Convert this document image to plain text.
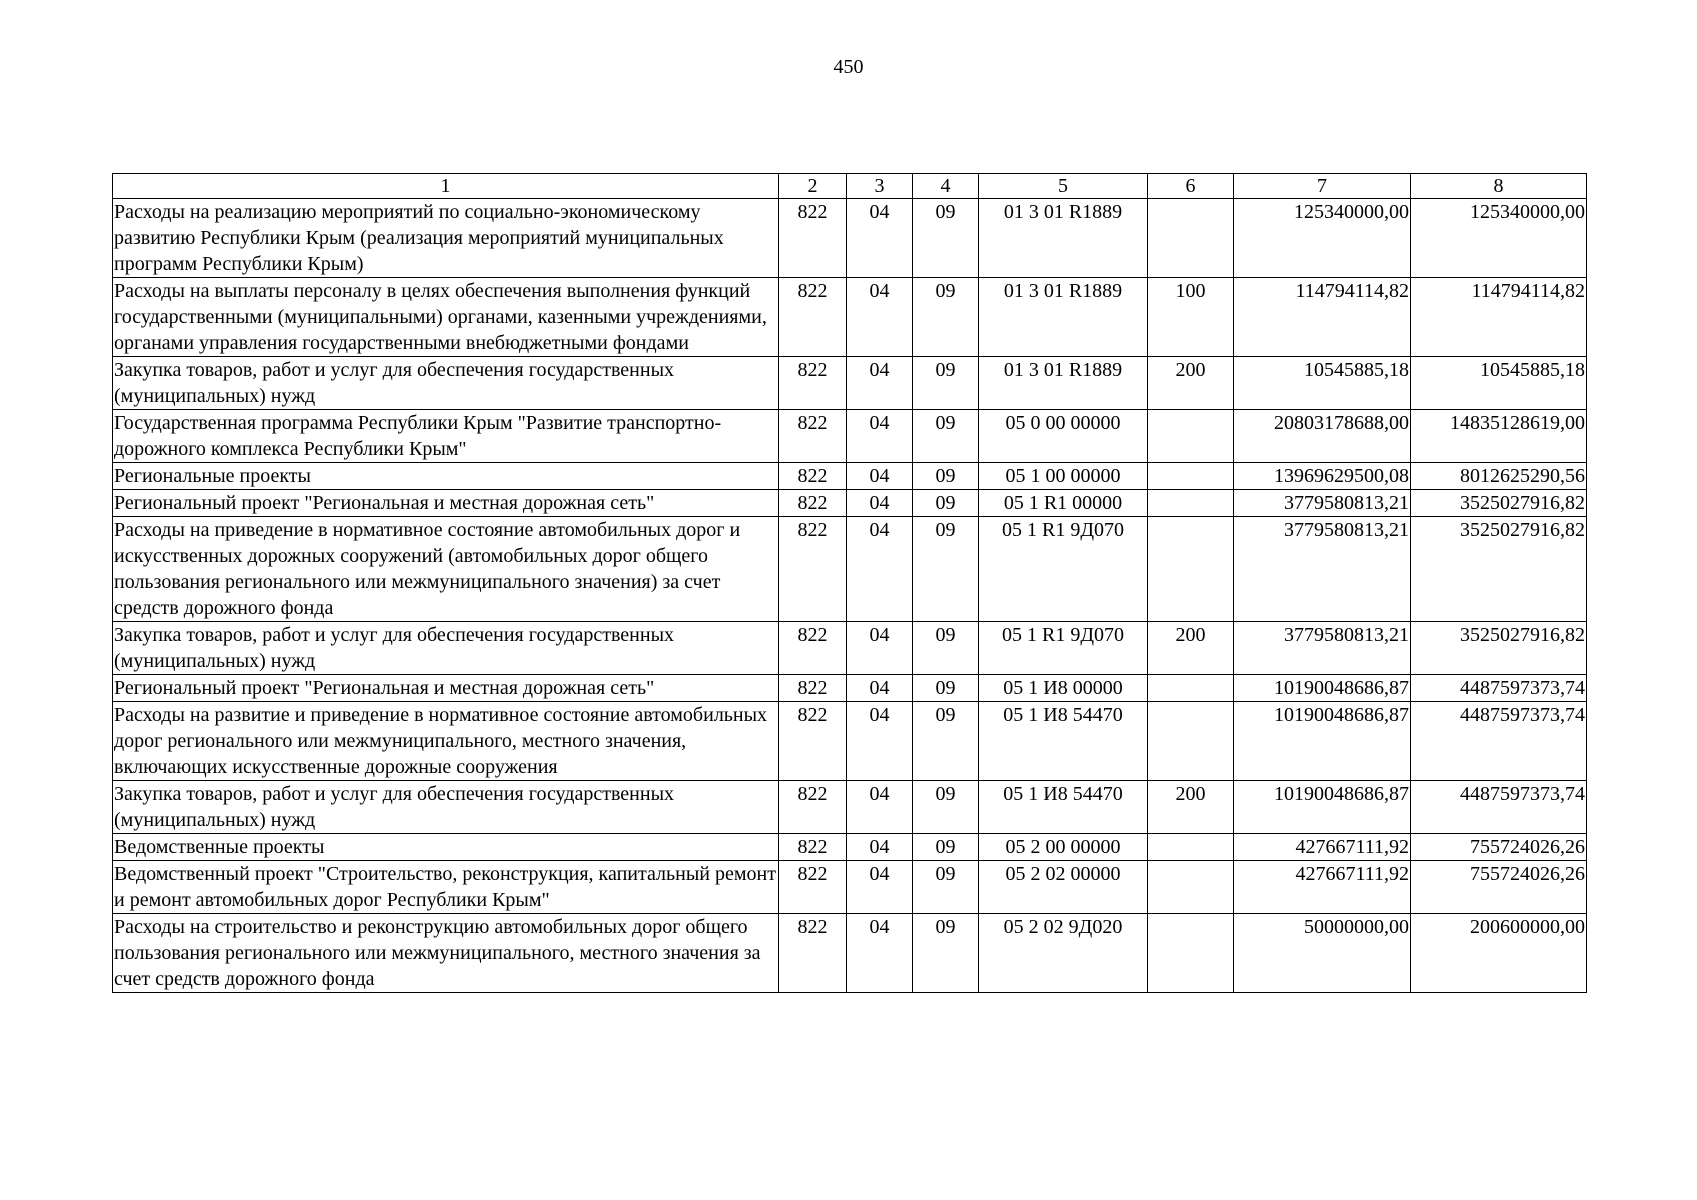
450
1	2	3	4	5	6	7	8
Расходы на реализацию мероприятий по социально-экономическому развитию Республики Крым (реализация мероприятий муниципальных программ Республики Крым)	822	04	09	01 3 01 R1889		125340000,00	125340000,00
Расходы на выплаты персоналу в целях обеспечения выполнения функций государственными (муниципальными) органами, казенными учреждениями, органами управления государственными внебюджетными фондами	822	04	09	01 3 01 R1889	100	114794114,82	114794114,82
Закупка товаров, работ и услуг для обеспечения государственных (муниципальных) нужд	822	04	09	01 3 01 R1889	200	10545885,18	10545885,18
Государственная программа Республики Крым "Развитие транспортно-дорожного комплекса Республики Крым"	822	04	09	05 0 00 00000		20803178688,00	14835128619,00
Региональные проекты	822	04	09	05 1 00 00000		13969629500,08	8012625290,56
Региональный проект "Региональная и местная дорожная сеть"	822	04	09	05 1 R1 00000		3779580813,21	3525027916,82
Расходы на приведение в нормативное состояние автомобильных дорог и искусственных дорожных сооружений (автомобильных дорог общего пользования регионального или межмуниципального значения) за счет средств дорожного фонда	822	04	09	05 1 R1 9Д070		3779580813,21	3525027916,82
Закупка товаров, работ и услуг для обеспечения государственных (муниципальных) нужд	822	04	09	05 1 R1 9Д070	200	3779580813,21	3525027916,82
Региональный проект "Региональная и местная дорожная сеть"	822	04	09	05 1 И8 00000		10190048686,87	4487597373,74
Расходы на развитие и приведение в нормативное состояние автомобильных дорог регионального или межмуниципального, местного значения, включающих искусственные дорожные сооружения	822	04	09	05 1 И8 54470		10190048686,87	4487597373,74
Закупка товаров, работ и услуг для обеспечения государственных (муниципальных) нужд	822	04	09	05 1 И8 54470	200	10190048686,87	4487597373,74
Ведомственные проекты	822	04	09	05 2 00 00000		427667111,92	755724026,26
Ведомственный проект "Строительство, реконструкция, капитальный ремонт и ремонт автомобильных дорог Республики Крым"	822	04	09	05 2 02 00000		427667111,92	755724026,26
Расходы на строительство и реконструкцию автомобильных дорог общего пользования регионального или межмуниципального, местного значения за счет средств дорожного фонда	822	04	09	05 2 02 9Д020		50000000,00	200600000,00
